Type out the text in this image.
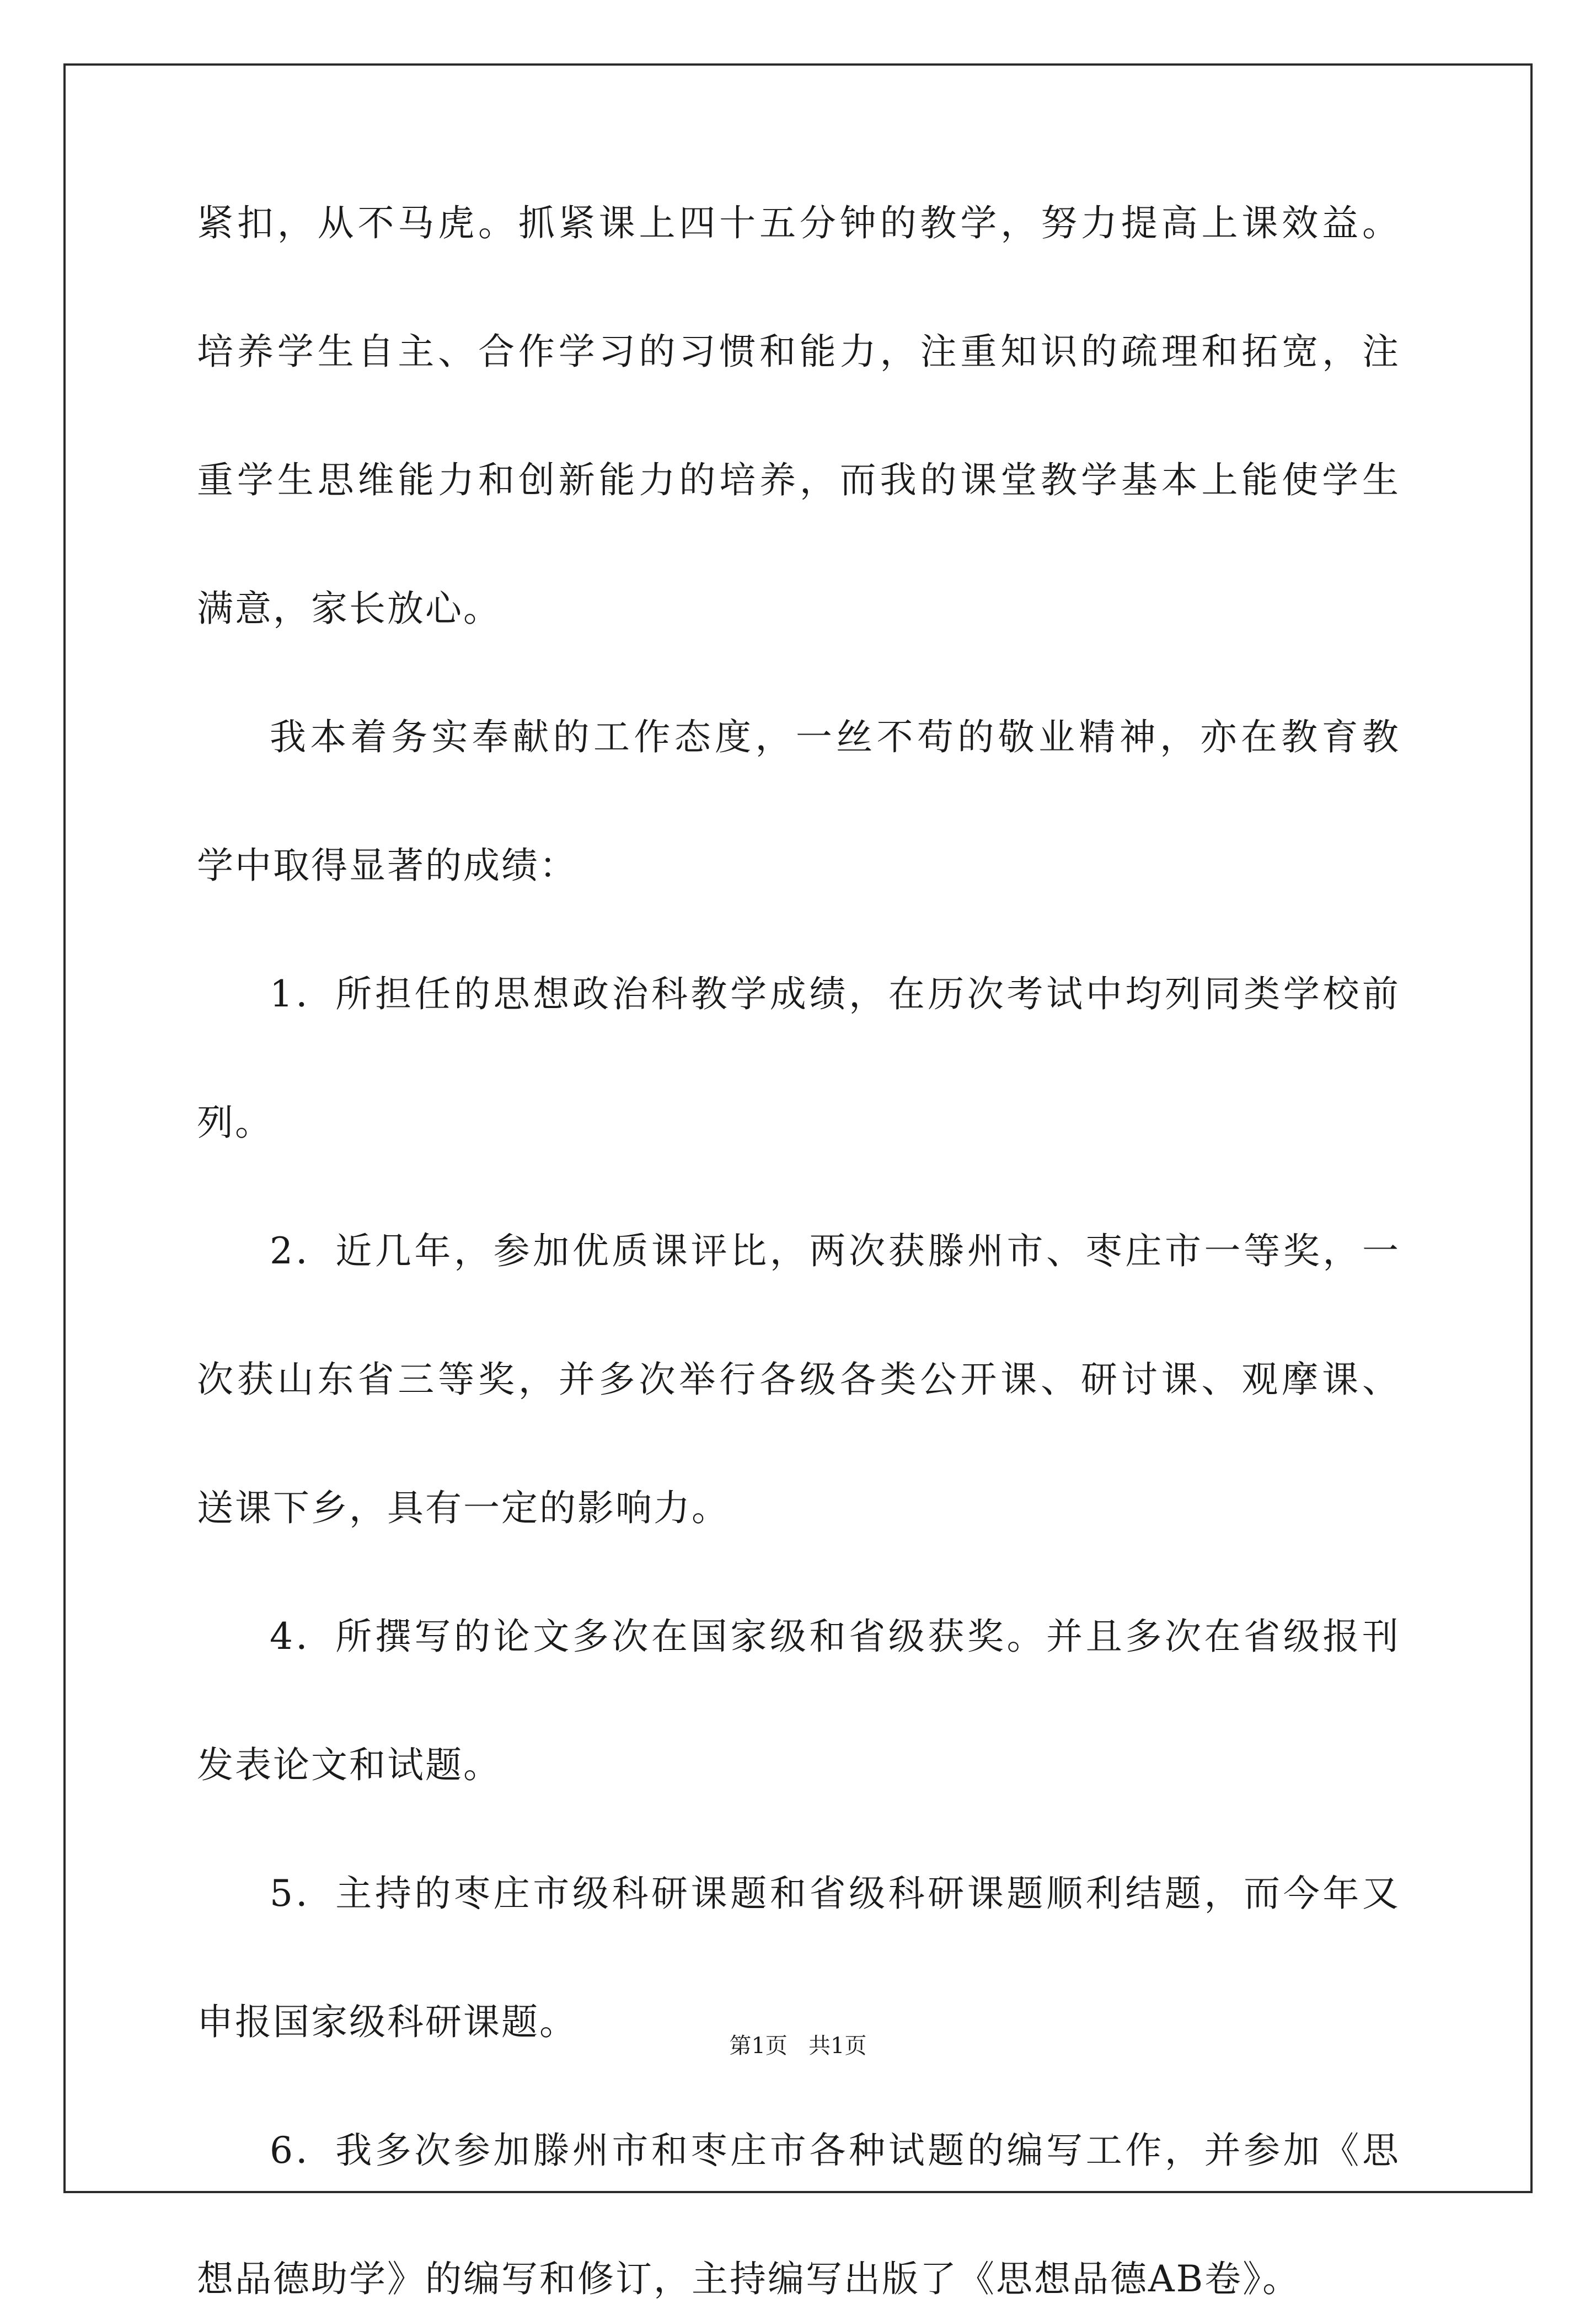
紧扣，从不马虎。抓紧课上四十五分钟的教学，努力提高上课效益。
培养学生自主、合作学习的习惯和能力，注重知识的疏理和拓宽，注
重学生思维能力和创新能力的培养，而我的课堂教学基本上能使学生
满意，家长放心。
我本着务实奉献的工作态度，一丝不苟的敬业精神，亦在教育教
学中取得显著的成绩：
1．所担任的思想政治科教学成绩，在历次考试中均列同类学校前
列。
2．近几年，参加优质课评比，两次获滕州市、枣庄市一等奖，一
次获山东省三等奖，并多次举行各级各类公开课、研讨课、观摩课、
送课下乡，具有一定的影响力。
4．所撰写的论文多次在国家级和省级获奖。并且多次在省级报刊
发表论文和试题。
5．主持的枣庄市级科研课题和省级科研课题顺利结题，而今年又
申报国家级科研课题。
6．我多次参加滕州市和枣庄市各种试题的编写工作，并参加《思
想品德助学》的编写和修订，主持编写出版了《思想品德AB卷》。
第1页   共1页
